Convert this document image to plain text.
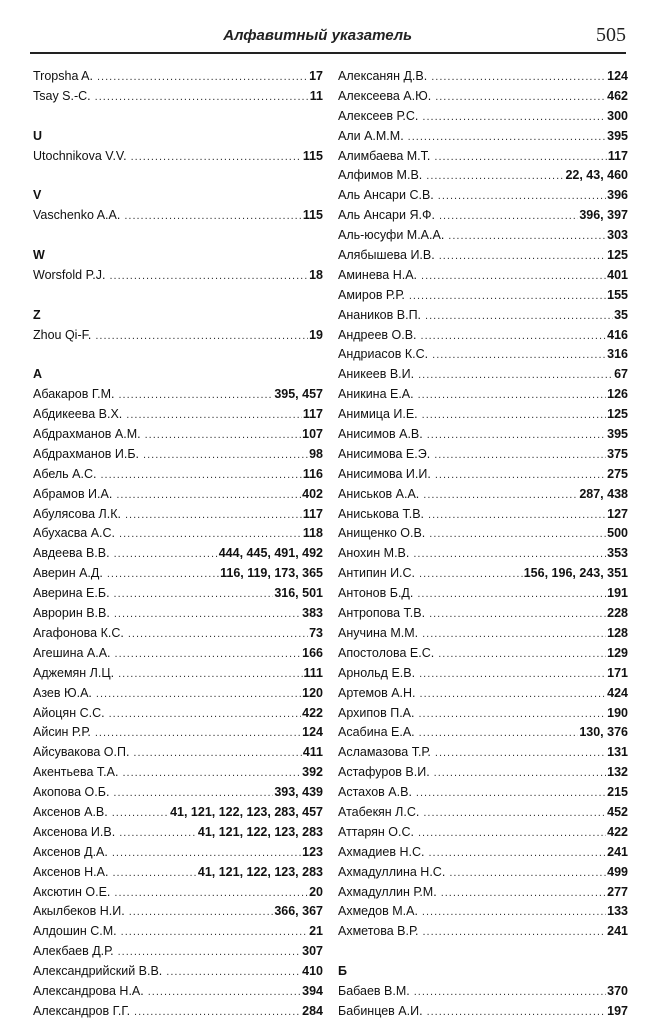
Алфавитный указатель	505
Tropsha A. .....	17
Tsay S.-C. .....	11
U
Utochnikova V.V. .....	115
V
Vaschenko A.A. .....	115
W
Worsfold P.J. .....	18
Z
Zhou Qi-F. .....	19
А
Абакаров Г.М. .....	395, 457
Абдикеева В.Х. .....	117
Абдрахманов А.М. .....	107
Абдрахманов И.Б. .....	98
Абель А.С. .....	116
Абрамов И.А. .....	402
Абулясова Л.К. .....	117
Абухасва А.С. .....	118
Авдеева В.В. .....	444, 445, 491, 492
Аверин А.Д. .....	116, 119, 173, 365
Аверина Е.Б. .....	316, 501
Аврорин В.В. .....	383
Агафонова К.С. .....	73
Агешина А.А. .....	166
Аджемян Л.Ц. .....	111
Азев Ю.А. .....	120
Айоцян С.С. .....	422
Айсин Р.Р. .....	124
Айсувакова О.П. .....	411
Акентьева Т.А. .....	392
Акопова О.Б. .....	393, 439
Аксенов А.В. .....	41, 121, 122, 123, 283, 457
Аксенова И.В. .....	41, 121, 122, 123, 283
Аксенов Д.А. .....	123
Аксенов Н.А. .....	41, 121, 122, 123, 283
Аксютин О.Е. .....	20
Акылбеков Н.И. .....	366, 367
Алдошин С.М. .....	21
Алекбаев Д.Р. .....	307
Александрийский В.В. .....	410
Александрова Н.А. .....	394
Александров Г.Г. .....	284
Алексанян Д.В. .....	124
Алексеева А.Ю. .....	462
Алексеев Р.С. .....	300
Али А.М.М. .....	395
Алимбаева М.Т. .....	117
Алфимов М.В. .....	22, 43, 460
Аль Ансари С.В. .....	396
Аль Ансари Я.Ф. .....	396, 397
Аль-юсуфи М.А.А. .....	303
Алябышева И.В. .....	125
Аминева Н.А. .....	401
Амиров Р.Р. .....	155
Анаников В.П. .....	35
Андреев О.В. .....	416
Андриасов К.С. .....	316
Аникеев В.И. .....	67
Аникина Е.А. .....	126
Анимица И.Е. .....	125
Анисимов А.В. .....	395
Анисимова Е.Э. .....	375
Анисимова И.И. .....	275
Аниськов А.А. .....	287, 438
Аниськова Т.В. .....	127
Анищенко О.В. .....	500
Анохин М.В. .....	353
Антипин И.С. .....	156, 196, 243, 351
Антонов Б.Д. .....	191
Антропова Т.В. .....	228
Анучина М.М. .....	128
Апостолова Е.С. .....	129
Арнольд Е.В. .....	171
Артемов А.Н. .....	424
Архипов П.А. .....	190
Асабина Е.А. .....	130, 376
Асламазова Т.Р. .....	131
Астафуров В.И. .....	132
Астахов А.В. .....	215
Атабекян Л.С. .....	452
Аттарян О.С. .....	422
Ахмадиев Н.С. .....	241
Ахмадуллина Н.С. .....	499
Ахмадуллин Р.М. .....	277
Ахмедов М.А. .....	133
Ахметова В.Р. .....	241
Б
Бабаев В.М. .....	370
Бабинцев А.И. .....	197
